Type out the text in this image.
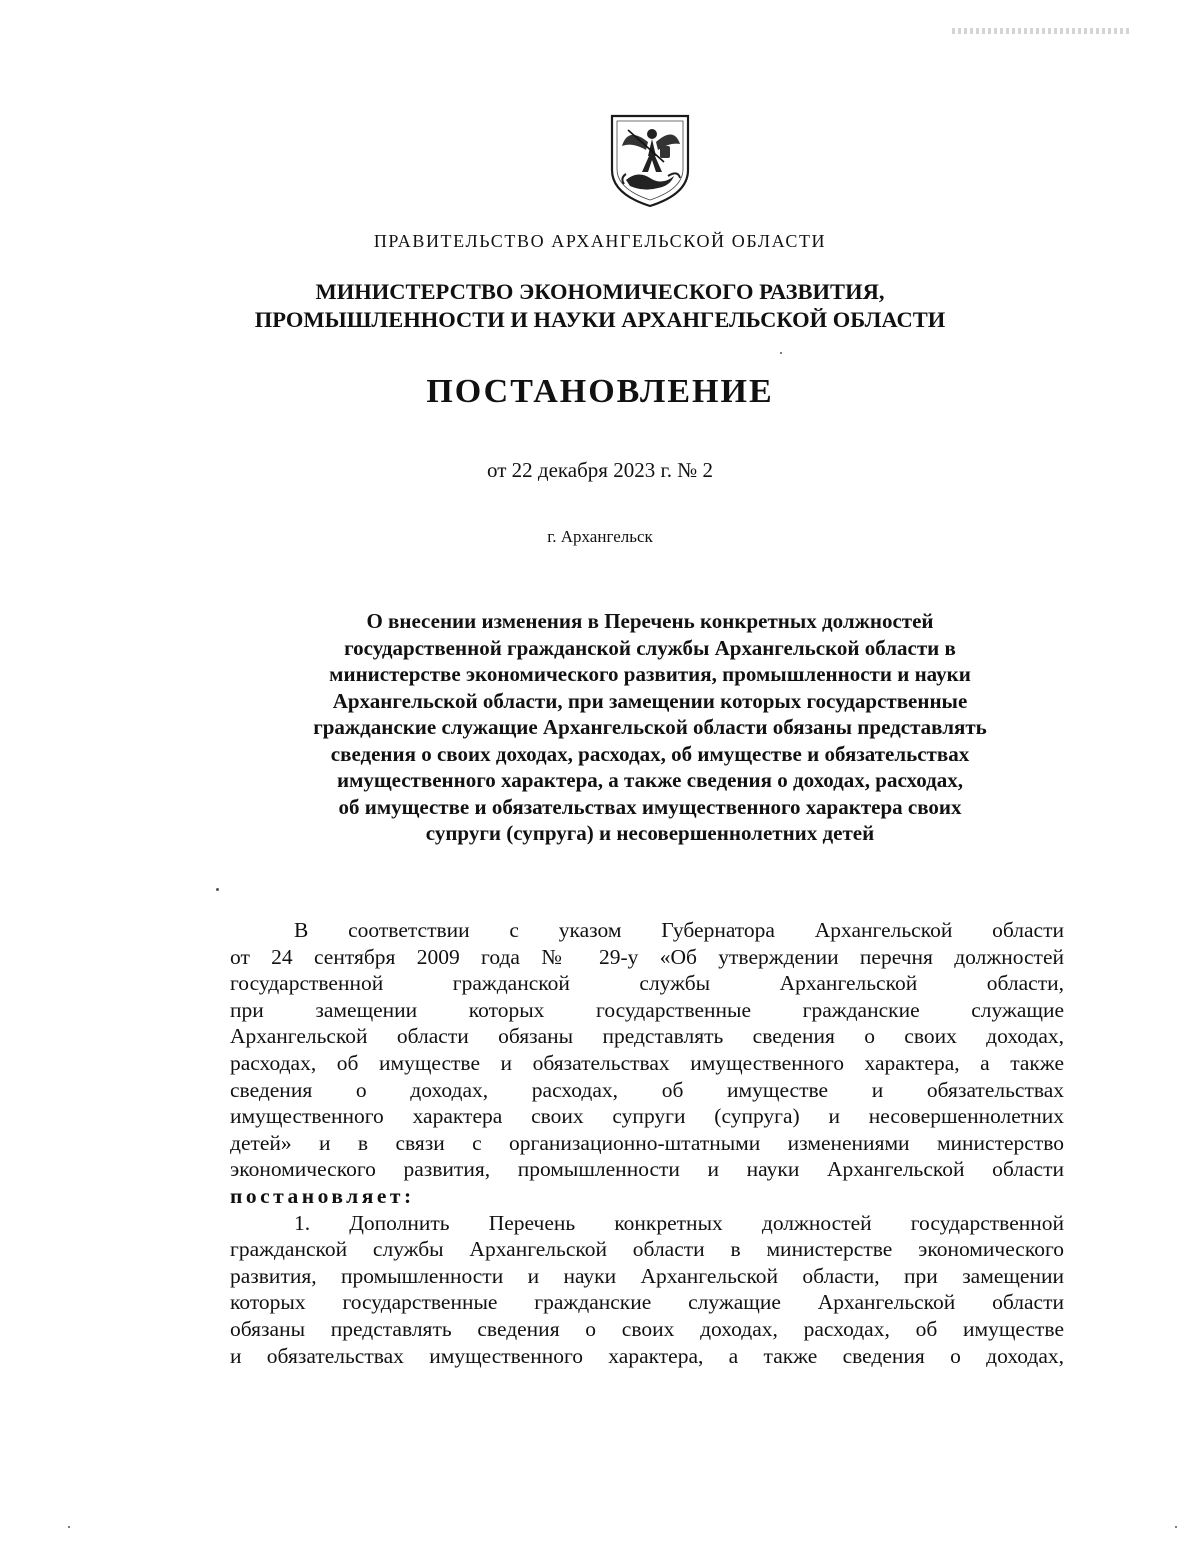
ПРАВИТЕЛЬСТВО АРХАНГЕЛЬСКОЙ ОБЛАСТИ
МИНИСТЕРСТВО ЭКОНОМИЧЕСКОГО РАЗВИТИЯ,
ПРОМЫШЛЕННОСТИ И НАУКИ АРХАНГЕЛЬСКОЙ ОБЛАСТИ
ПОСТАНОВЛЕНИЕ
от 22 декабря 2023 г. № 2
г. Архангельск
О внесении изменения в Перечень конкретных должностей
государственной гражданской службы Архангельской области в
министерстве экономического развития, промышленности и науки
Архангельской области, при замещении которых государственные
гражданские служащие Архангельской области обязаны представлять
сведения о своих доходах, расходах, об имуществе и обязательствах
имущественного характера, а также сведения о доходах, расходах,
об имуществе и обязательствах имущественного характера своих
супруги (супруга) и несовершеннолетних детей
В соответствии с указом Губернатора Архангельской области
от 24 сентября 2009 года № 29-у «Об утверждении перечня должностей
государственной гражданской службы Архангельской области,
при замещении которых государственные гражданские служащие
Архангельской области обязаны представлять сведения о своих доходах,
расходах, об имуществе и обязательствах имущественного характера, а также
сведения о доходах, расходах, об имуществе и обязательствах
имущественного характера своих супруги (супруга) и несовершеннолетних
детей» и в связи с организационно-штатными изменениями министерство
экономического развития, промышленности и науки Архангельской области
постановляет:
1. Дополнить Перечень конкретных должностей государственной
гражданской службы Архангельской области в министерстве экономического
развития, промышленности и науки Архангельской области, при замещении
которых государственные гражданские служащие Архангельской области
обязаны представлять сведения о своих доходах, расходах, об имуществе
и обязательствах имущественного характера, а также сведения о доходах,
